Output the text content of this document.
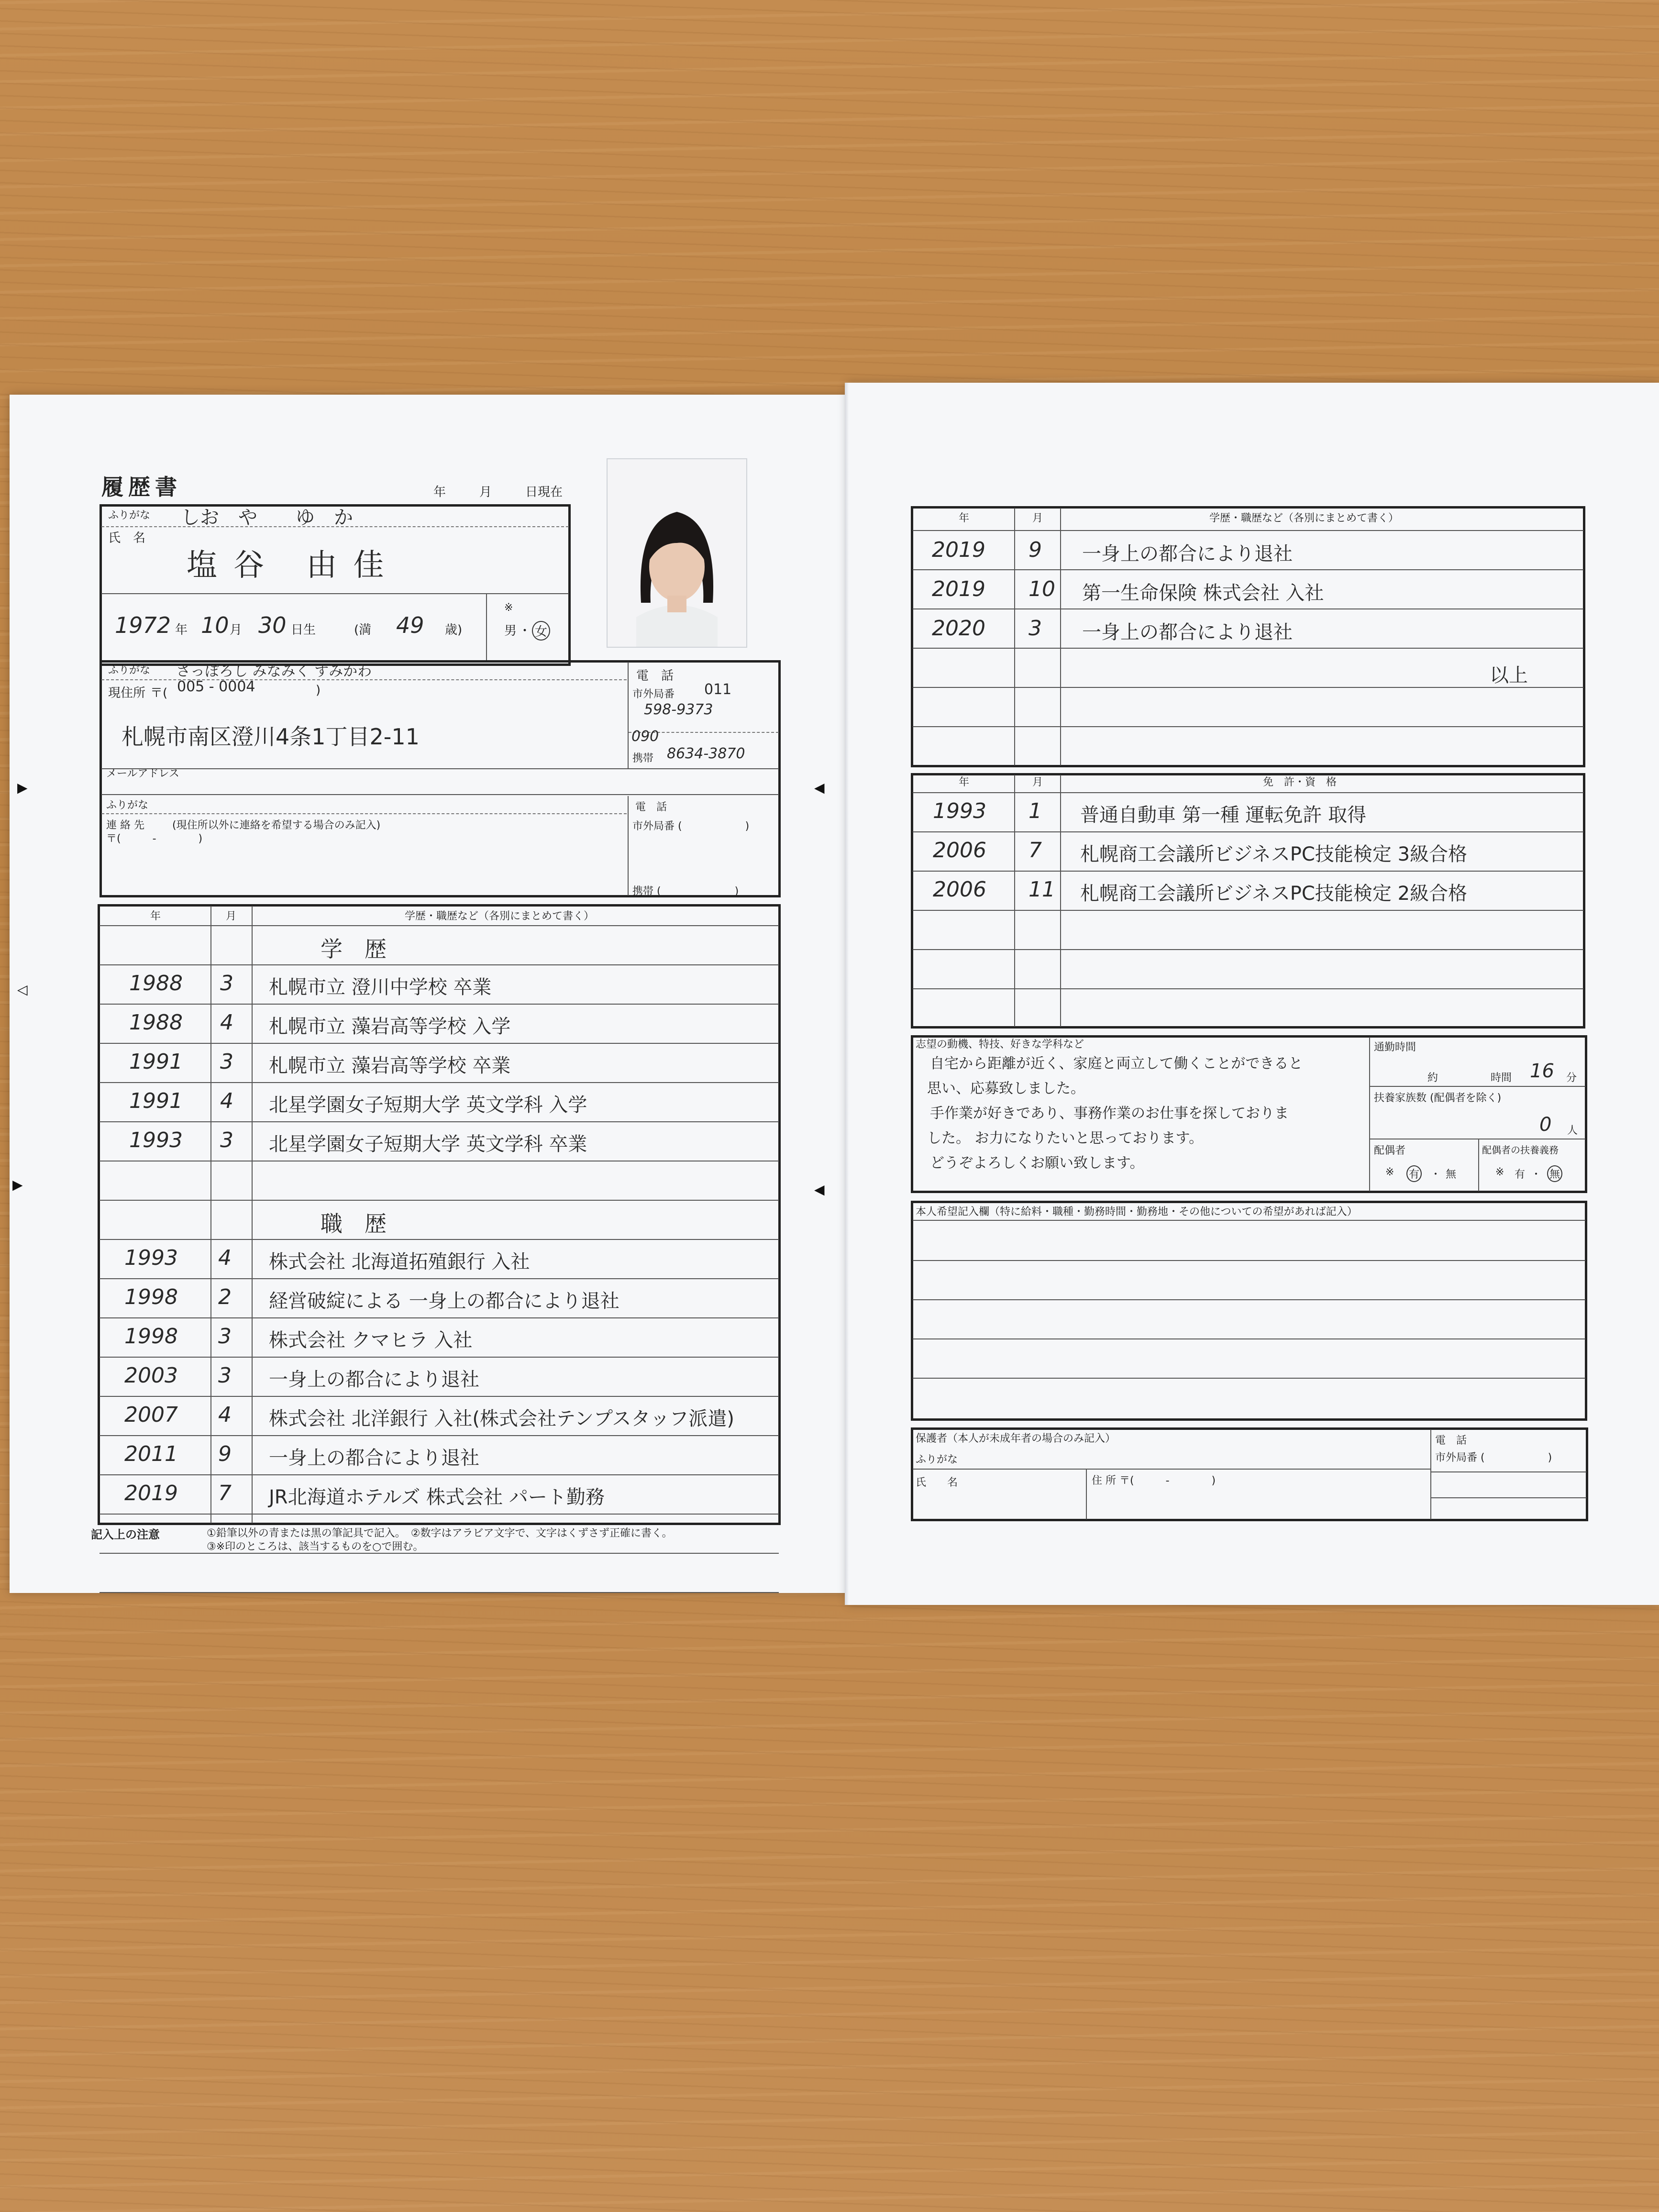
▶
◁
▶
◀
◀
履歴書	年	月	日現在
ふりがな しお　や　　ゆ　か
氏　名
塩谷 由佳
1972 年 10 月 30 日生	(満 49 歳)
※
男 ・ 女
ふりがな さっぽろし みなみく すみかわ
現住所 〒( 005 - 0004	)
札幌市南区澄川4条1丁目2-11
電　話
市外局番 011
598-9373
090
携帯 8634-3870
メールアドレス
ふりがな
連 絡 先	(現住所以外に連絡を希望する場合のみ記入)
〒(　　　-　　　　)
電　話
市外局番 (　　　　　　)
携帯 (　　　　　　　)
年	月	学歴・職歴など（各別にまとめて書く）
学　歴
1988 3 札幌市立 澄川中学校 卒業
1988 4 札幌市立 藻岩高等学校 入学
1991 3 札幌市立 藻岩高等学校 卒業
1991 4 北星学園女子短期大学 英文学科 入学
1993 3 北星学園女子短期大学 英文学科 卒業
職　歴
1993 4 株式会社 北海道拓殖銀行 入社
1998 2 経営破綻による 一身上の都合により退社
1998 3 株式会社 クマヒラ 入社
2003 3 一身上の都合により退社
2007 4 株式会社 北洋銀行 入社(株式会社テンプスタッフ派遣)
2011 9 一身上の都合により退社
2019 7 JR北海道ホテルズ 株式会社 パート勤務
記入上の注意	①鉛筆以外の青または黒の筆記具で記入。　②数字はアラビア文字で、文字はくずさず正確に書く。
③※印のところは、該当するものを○で囲む。
年	月	学歴・職歴など（各別にまとめて書く）
2019 9 一身上の都合により退社
2019 10 第一生命保険 株式会社 入社
2020 3 一身上の都合により退社
以上
年	月	免　許・資　格
1993 1 普通自動車 第一種 運転免許 取得
2006 7 札幌商工会議所ビジネスPC技能検定 3級合格
2006 11 札幌商工会議所ビジネスPC技能検定 2級合格
志望の動機、特技、好きな学科など
自宅から距離が近く、家庭と両立して働くことができると
思い、応募致しました。
手作業が好きであり、事務作業のお仕事を探しておりま
した。 お力になりたいと思っております。
どうぞよろしくお願い致します。
通勤時間
約	時間 16 分
扶養家族数 (配偶者を除く)
0 人
配偶者
※ 有 ・ 無
配偶者の扶養義務
※ 有 ・ 無
本人希望記入欄（特に給料・職種・勤務時間・勤務地・その他についての希望があれば記入）
保護者（本人が未成年者の場合のみ記入）
ふりがな
氏　　名	住 所 〒(　　　-　　　　)
電　話
市外局番 (　　　　　　)
